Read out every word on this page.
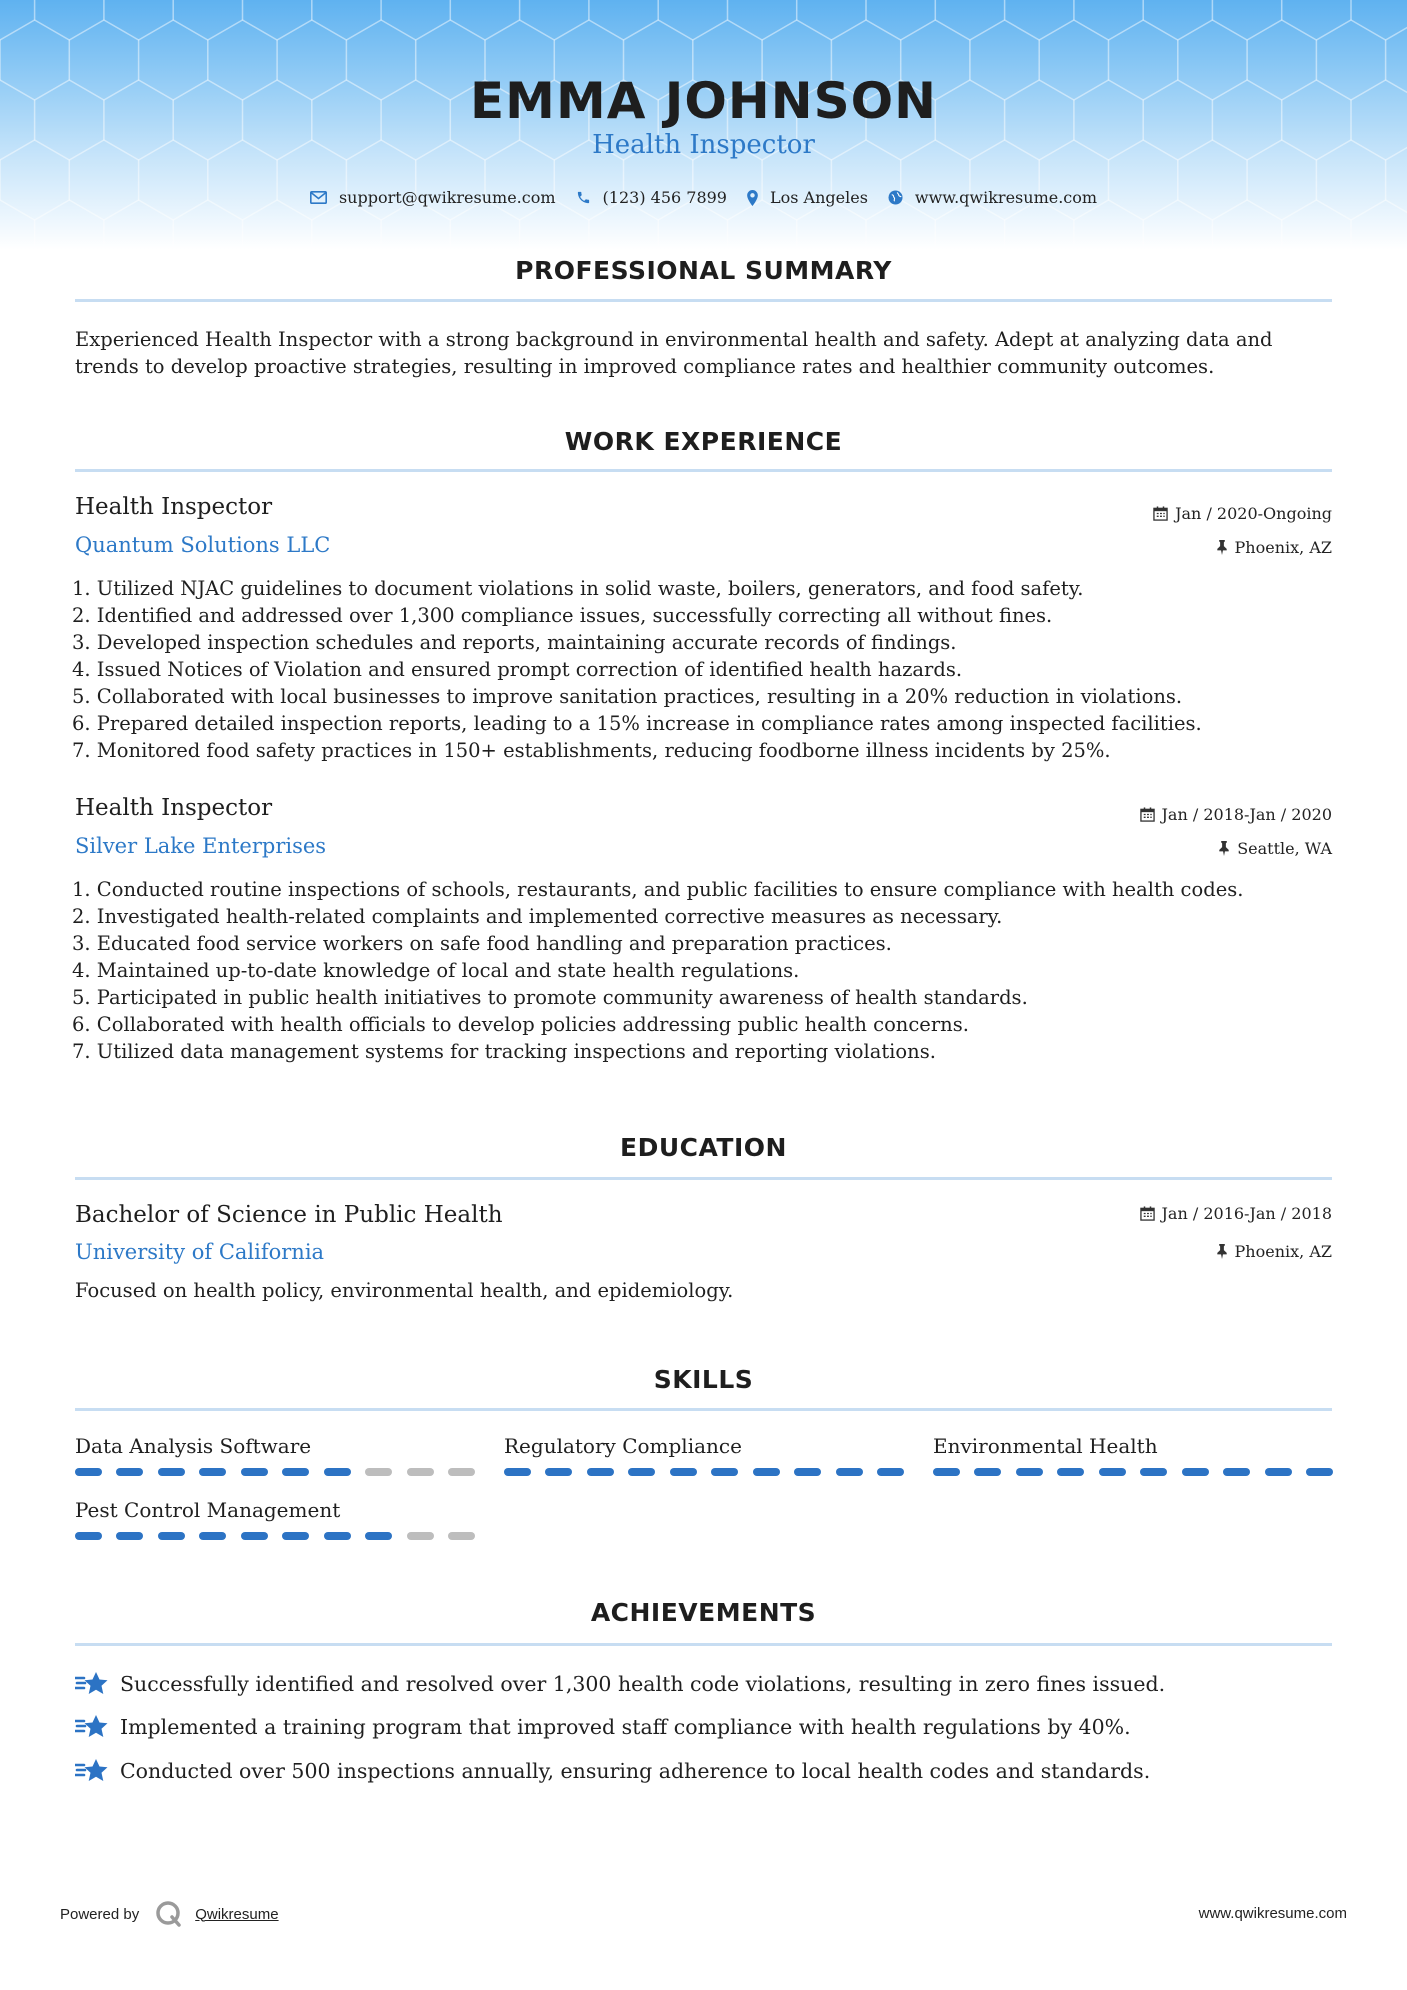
EMMA JOHNSON
Health Inspector
support@qwikresume.com	(123) 456 7899	Los Angeles	www.qwikresume.com
PROFESSIONAL SUMMARY
Experienced Health Inspector with a strong background in environmental health and safety. Adept at analyzing data and
trends to develop proactive strategies, resulting in improved compliance rates and healthier community outcomes.
WORK EXPERIENCE
Health Inspector	Jan / 2020-Ongoing
Quantum Solutions LLC	Phoenix, AZ
1. Utilized NJAC guidelines to document violations in solid waste, boilers, generators, and food safety.
2. Identified and addressed over 1,300 compliance issues, successfully correcting all without fines.
3. Developed inspection schedules and reports, maintaining accurate records of findings.
4. Issued Notices of Violation and ensured prompt correction of identified health hazards.
5. Collaborated with local businesses to improve sanitation practices, resulting in a 20% reduction in violations.
6. Prepared detailed inspection reports, leading to a 15% increase in compliance rates among inspected facilities.
7. Monitored food safety practices in 150+ establishments, reducing foodborne illness incidents by 25%.
Health Inspector	Jan / 2018-Jan / 2020
Silver Lake Enterprises	Seattle, WA
1. Conducted routine inspections of schools, restaurants, and public facilities to ensure compliance with health codes.
2. Investigated health-related complaints and implemented corrective measures as necessary.
3. Educated food service workers on safe food handling and preparation practices.
4. Maintained up-to-date knowledge of local and state health regulations.
5. Participated in public health initiatives to promote community awareness of health standards.
6. Collaborated with health officials to develop policies addressing public health concerns.
7. Utilized data management systems for tracking inspections and reporting violations.
EDUCATION
Bachelor of Science in Public Health	Jan / 2016-Jan / 2018
University of California	Phoenix, AZ
Focused on health policy, environmental health, and epidemiology.
SKILLS
Data Analysis Software	Regulatory Compliance	Environmental Health
Pest Control Management
ACHIEVEMENTS
Successfully identified and resolved over 1,300 health code violations, resulting in zero fines issued.
Implemented a training program that improved staff compliance with health regulations by 40%.
Conducted over 500 inspections annually, ensuring adherence to local health codes and standards.
Powered by	Qwikresume	www.qwikresume.com
